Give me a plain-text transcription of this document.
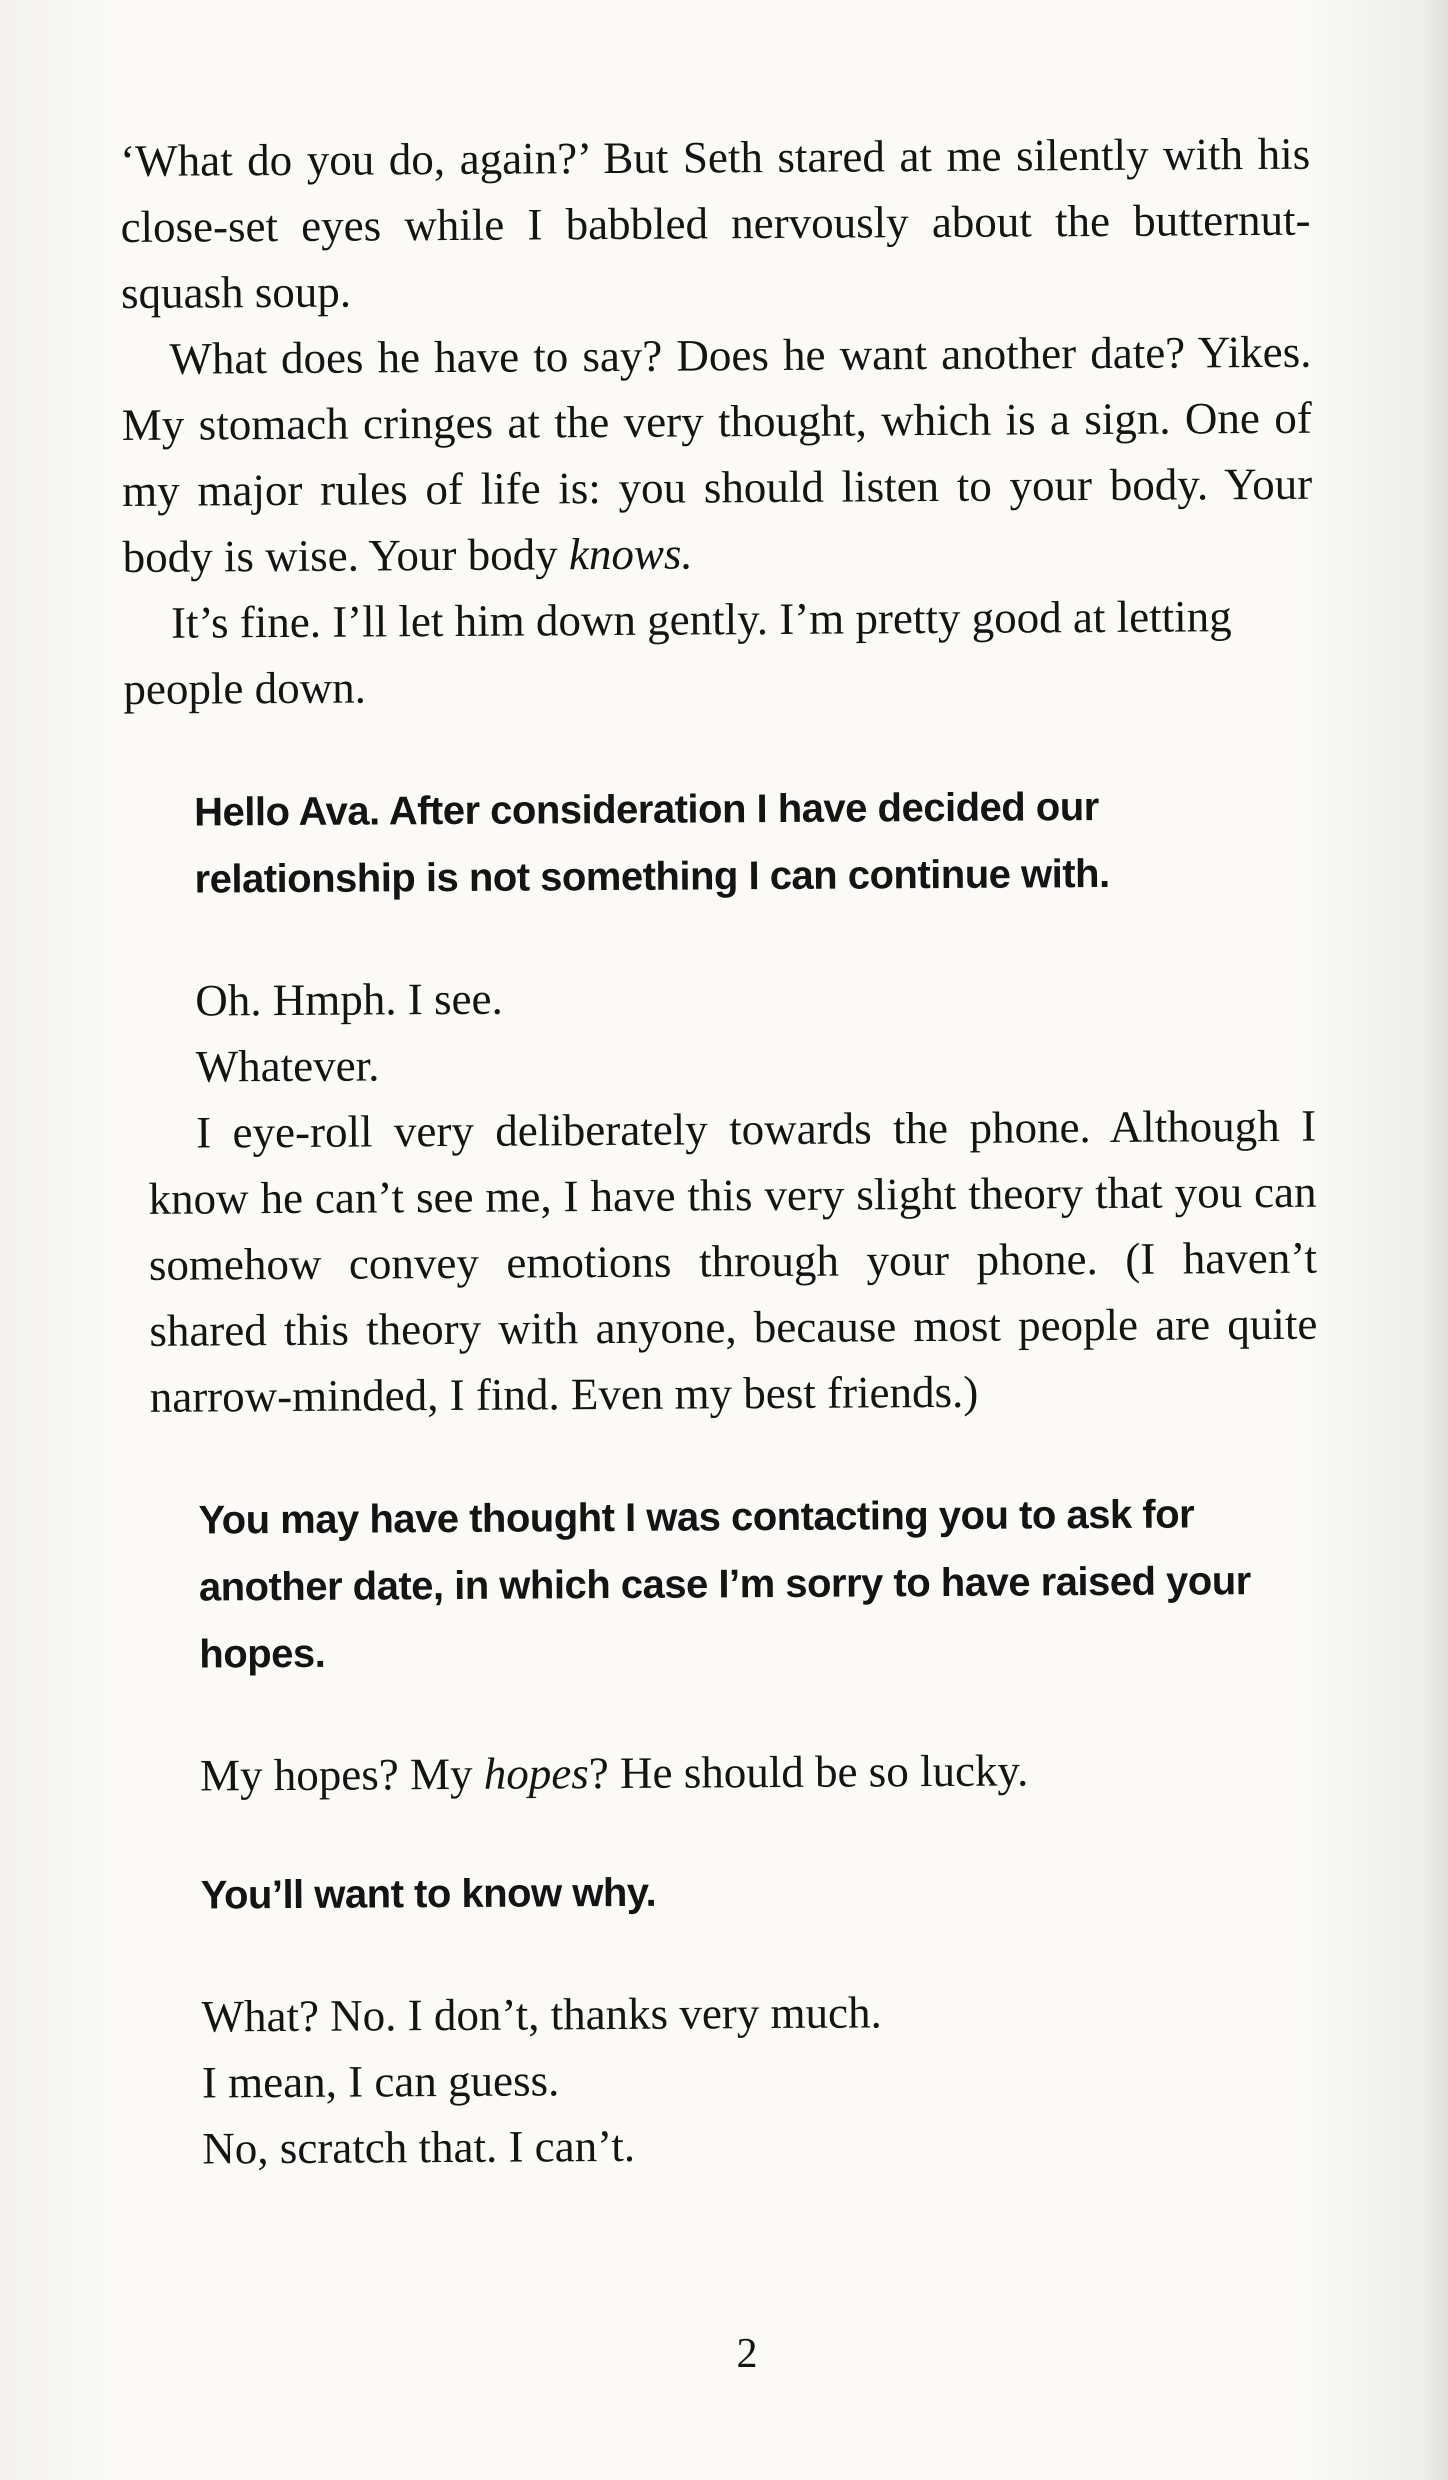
‘What do you do, again?’ But Seth stared at me silently with his close-set eyes while I babbled nervously about the butternut-squash soup.

What does he have to say? Does he want another date? Yikes. My stomach cringes at the very thought, which is a sign. One of my major rules of life is: you should listen to your body. Your body is wise. Your body knows.

It’s fine. I’ll let him down gently. I’m pretty good at letting people down.

Hello Ava. After consideration I have decided our relationship is not something I can continue with.

Oh. Hmph. I see.

Whatever.

I eye-roll very deliberately towards the phone. Although I know he can’t see me, I have this very slight theory that you can somehow convey emotions through your phone. (I haven’t shared this theory with anyone, because most people are quite narrow-minded, I find. Even my best friends.)

You may have thought I was contacting you to ask for another date, in which case I’m sorry to have raised your hopes.

My hopes? My hopes? He should be so lucky.

You’ll want to know why.

What? No. I don’t, thanks very much.

I mean, I can guess.

No, scratch that. I can’t.

2
